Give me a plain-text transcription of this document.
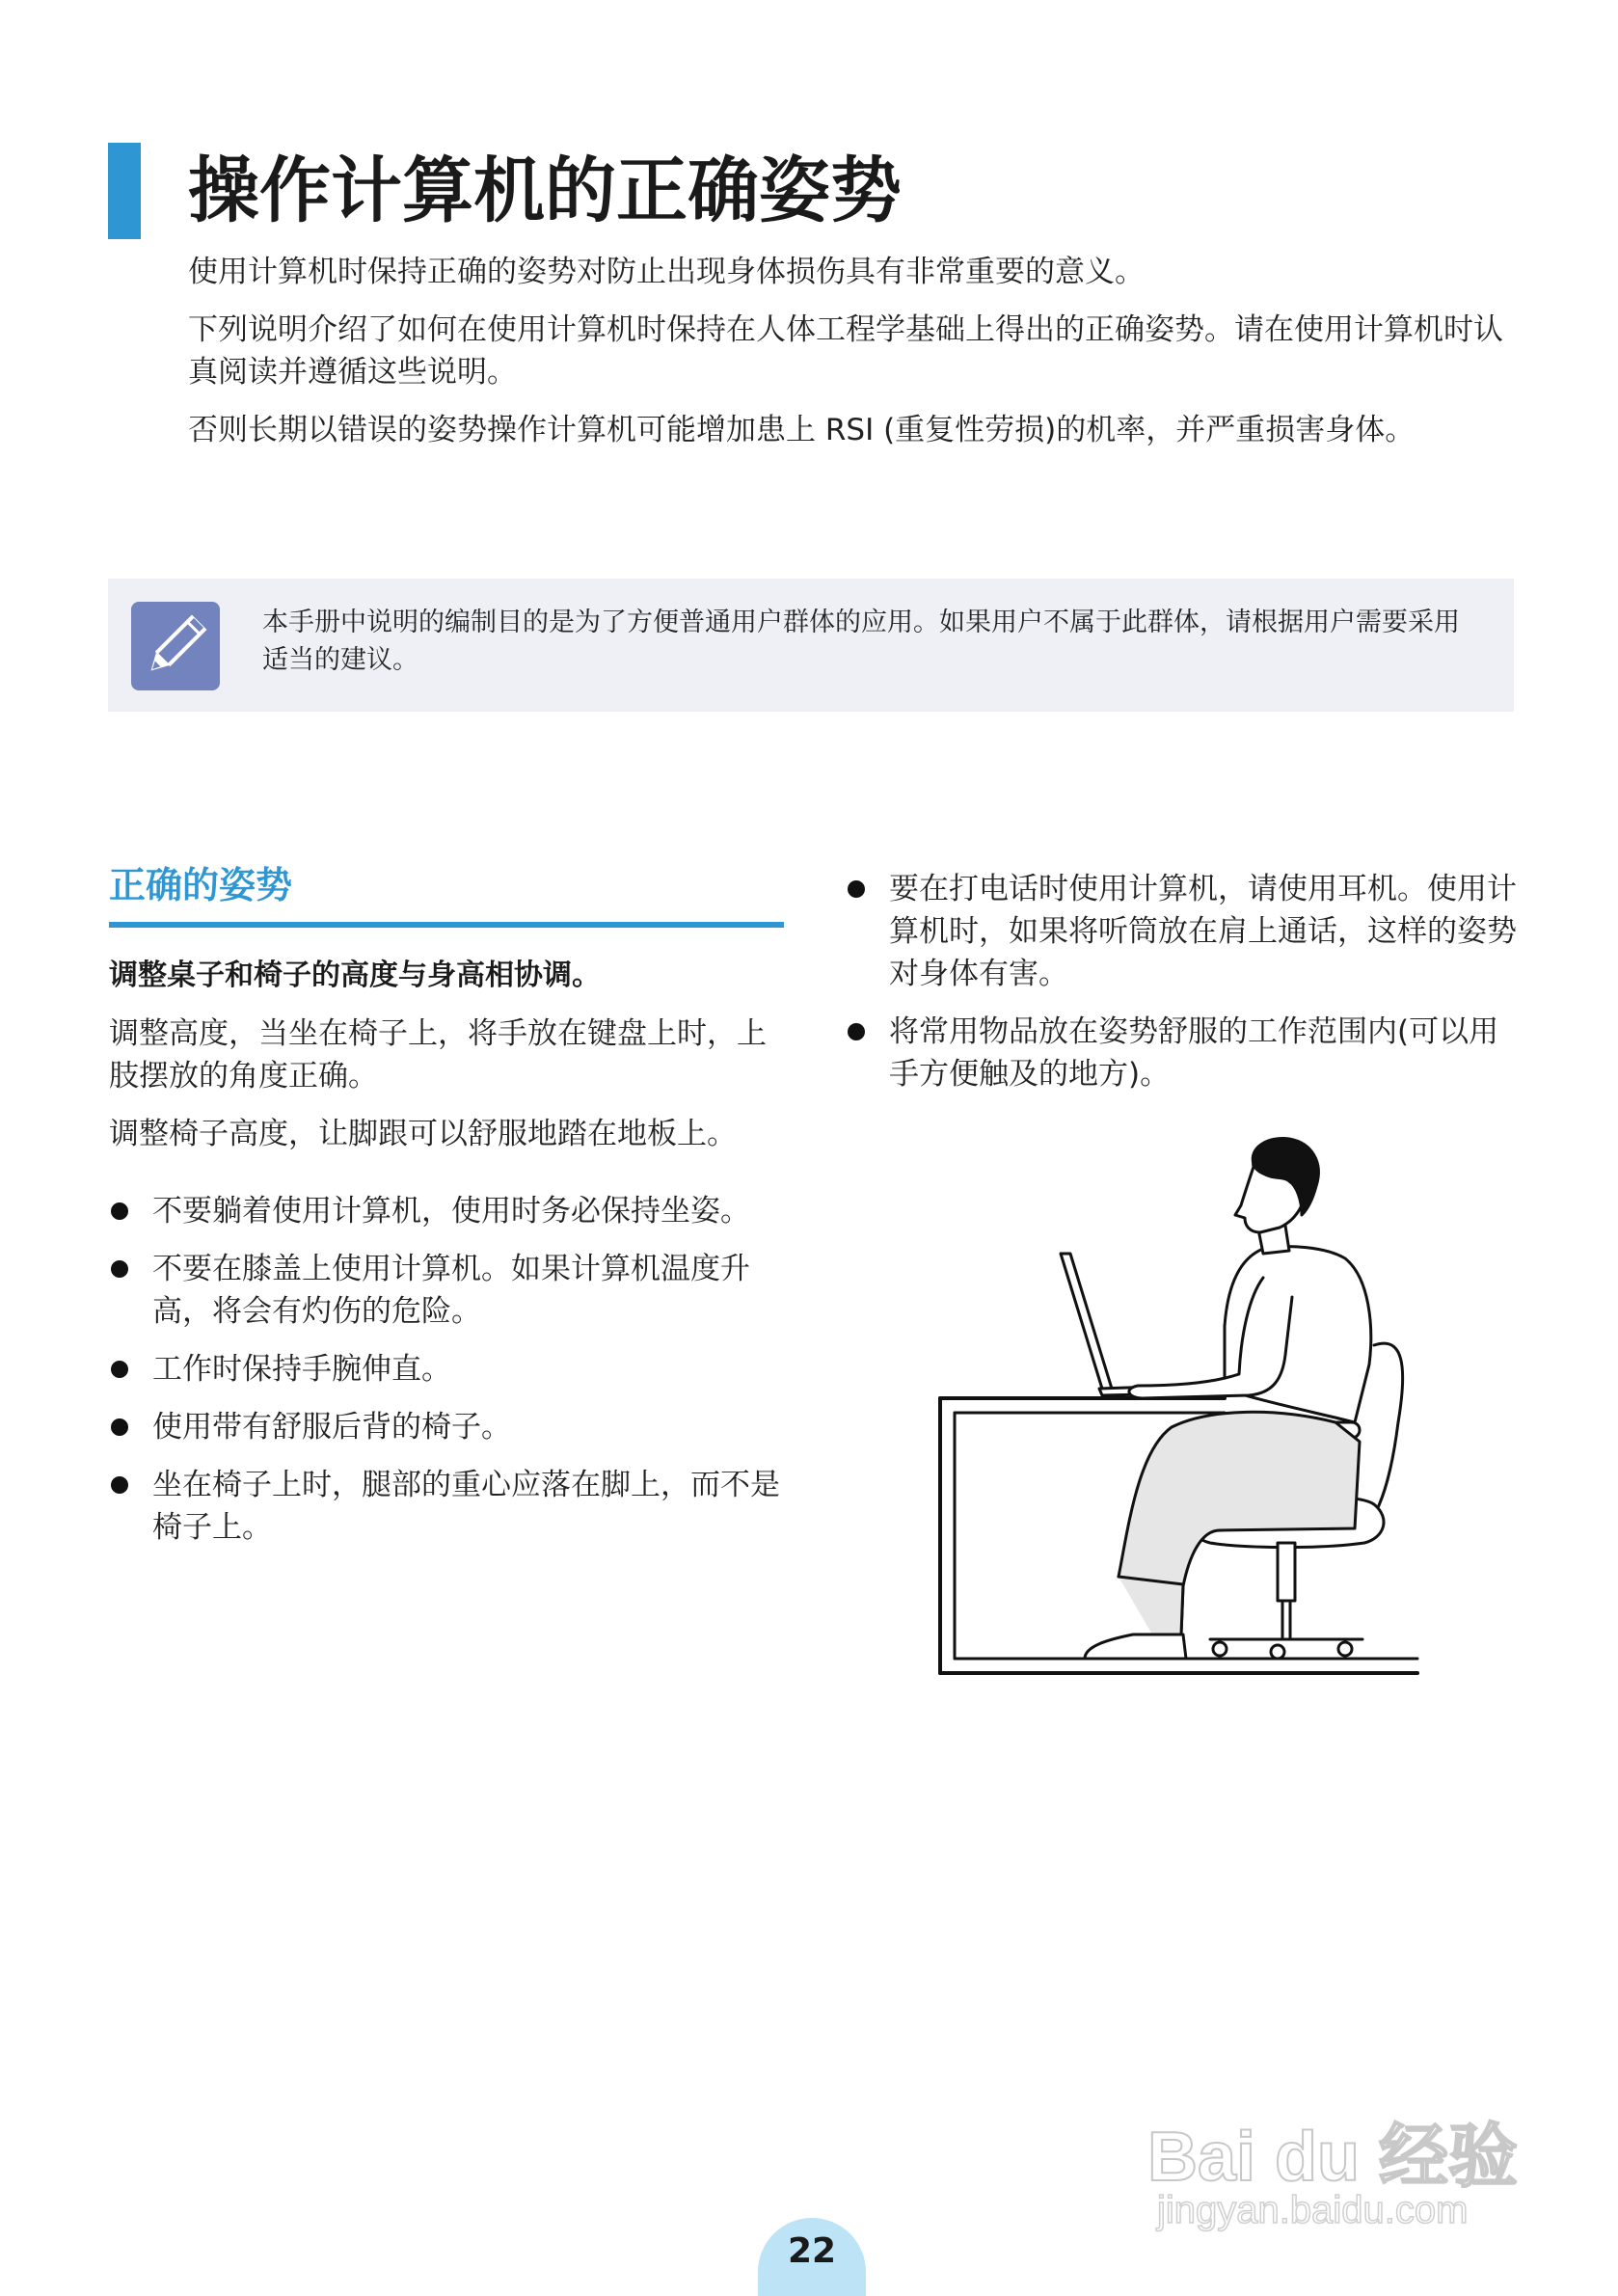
操作计算机的正确姿势

使用计算机时保持正确的姿势对防止出现身体损伤具有非常重要的意义。

下列说明介绍了如何在使用计算机时保持在人体工程学基础上得出的正确姿势。请在使用计算机时认真阅读并遵循这些说明。

否则长期以错误的姿势操作计算机可能增加患上 RSI (重复性劳损)的机率，并严重损害身体。

本手册中说明的编制目的是为了方便普通用户群体的应用。如果用户不属于此群体，请根据用户需要采用适当的建议。
正确的姿势
调整桌子和椅子的高度与身高相协调。

调整高度，当坐在椅子上，将手放在键盘上时，上肢摆放的角度正确。

调整椅子高度，让脚跟可以舒服地踏在地板上。

不要躺着使用计算机，使用时务必保持坐姿。
不要在膝盖上使用计算机。如果计算机温度升高，将会有灼伤的危险。
工作时保持手腕伸直。
使用带有舒服后背的椅子。
坐在椅子上时，腿部的重心应落在脚上，而不是椅子上。
要在打电话时使用计算机，请使用耳机。使用计算机时，如果将听筒放在肩上通话，这样的姿势对身体有害。
将常用物品放在姿势舒服的工作范围内(可以用手方便触及的地方)。
Bai du 经验
jingyan.baidu.com
22
